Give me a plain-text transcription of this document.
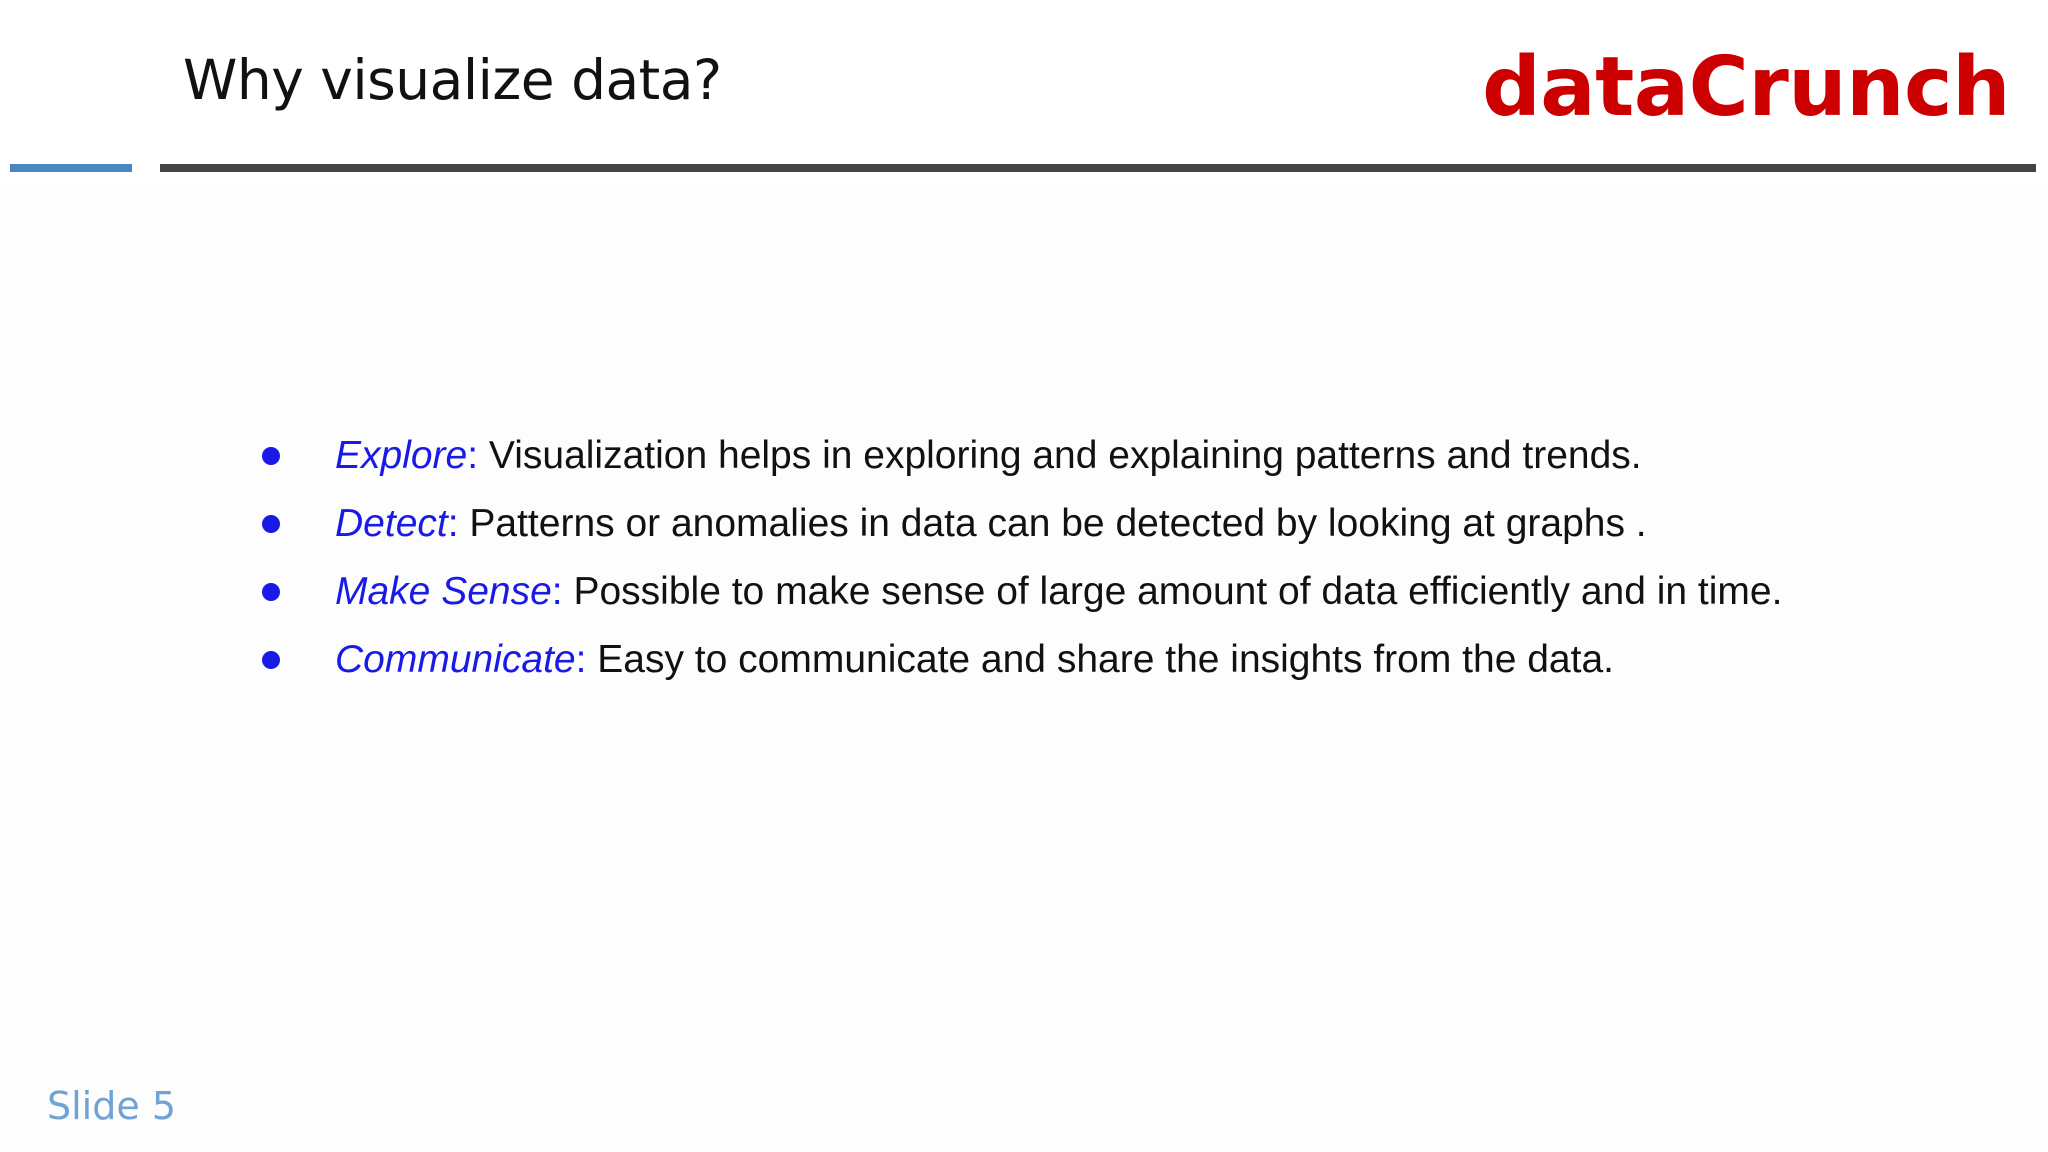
Why visualize data?	dataCrunch
Explore : Visualization helps in exploring and explaining patterns and trends.
Detect : Patterns or anomalies in data can be detected by looking at graphs .
Make Sense : Possible to make sense of large amount of data efficiently and in time.
Communicate : Easy to communicate and share the insights from the data.
Slide 5
